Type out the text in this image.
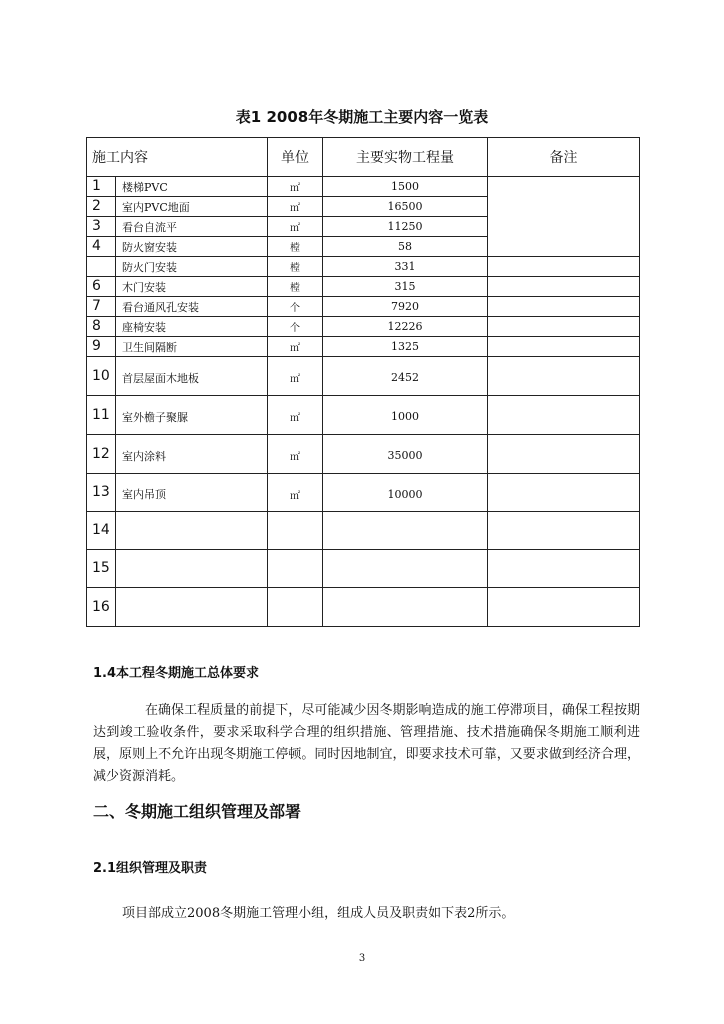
表1 2008年冬期施工主要内容一览表
施工内容		单位	主要实物工程量	备注
1	楼梯PVC	㎡	1500	
2	室内PVC地面	㎡	16500	
3	看台自流平	㎡	11250	
4	防火窗安装	樘	58	
	防火门安装	樘	331	
6	木门安装	樘	315	
7	看台通风孔安装	个	7920	
8	座椅安装	个	12226	
9	卫生间隔断	㎡	1325	
10	首层屋面木地板	㎡	2452	
11	室外檐子聚脲	㎡	1000	
12	室内涂料	㎡	35000	
13	室内吊顶	㎡	10000	
14				
15				
16				
1.4本工程冬期施工总体要求
在确保工程质量的前提下，尽可能减少因冬期影响造成的施工停滞项目，确保工程按期达到竣工验收条件，要求采取科学合理的组织措施、管理措施、技术措施确保冬期施工顺利进展，原则上不允许出现冬期施工停顿。同时因地制宜，即要求技术可靠，又要求做到经济合理，减少资源消耗。
二、冬期施工组织管理及部署
2.1组织管理及职责
项目部成立2008冬期施工管理小组，组成人员及职责如下表2所示。
3
